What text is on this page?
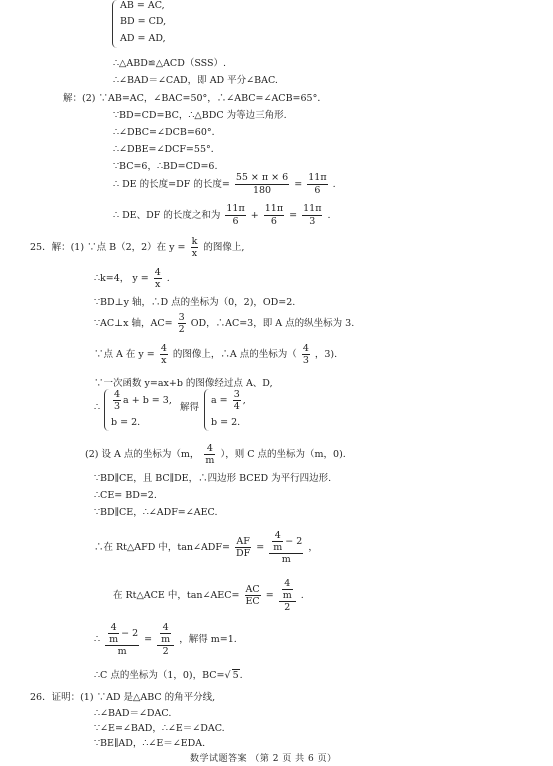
AB = AC,
BD = CD,
AD = AD,
∴△ABD≌△ACD（SSS）.
∴∠BAD＝∠CAD，即 AD 平分∠BAC.
解：(2) ∵AB=AC，∠BAC=50°，∴∠ABC=∠ACB=65°．
∵BD=CD=BC，∴△BDC 为等边三角形.
∴∠DBC=∠DCB=60°．
∴∠DBE=∠DCF=55°．
∵BC=6，∴BD=CD=6.
∴ DE 的长度=DF 的长度= $\frac{55 \times \pi \times 6}{180} = \frac{11\pi}{6}$ .
∴ DE、DF 的长度之和为 $\frac{11\pi}{6} + \frac{11\pi}{6} = \frac{11\pi}{3}$ .
25．解：(1) ∵点 B（2，2）在 $y = \frac{k}{x}$ 的图像上,
∴k=4， $y = \frac{4}{x}$ .
∵BD⊥y 轴，∴D 点的坐标为（0，2)，OD=2.
∵AC⊥x 轴，$AC= \frac{3}{2}$ OD，∴AC=3，即 A 点的纵坐标为 3.
∵点 A 在 $y = \frac{4}{x}$ 的图像上，∴A 点的坐标为（ $\frac{4}{3}$ ，3).
∵一次函数 y=ax+b 的图像经过点 A、D,
∴ $\frac{4}{3}$ a + b = 3,
b = 2.
解得
$a = \frac{3}{4}$ ,
b = 2.
(2) 设 A 点的坐标为（m， $\frac{4}{m}$ ），则 C 点的坐标为（m，0).
∵BD∥CE，且 BC∥DE，∴四边形 BCED 为平行四边形.
∴CE= BD=2.
∵BD∥CE，∴∠ADF=∠AEC.
∴在 Rt△AFD 中，tan∠ADF= $\frac{AF}{DF} = \frac{\frac{4}{m} - 2}{m}$ ，
在 Rt△ACE 中，tan∠AEC= $\frac{AC}{EC} = \frac{\frac{4}{m}}{2}$ .
∴ $\frac{\frac{4}{m} - 2}{m} = \frac{\frac{4}{m}}{2}$ ，解得 m=1.
∴C 点的坐标为（1，0)，BC=√ 5.
26．证明：(1) ∵AD 是△ABC 的角平分线,
∴∠BAD＝∠DAC.
∵∠E=∠BAD，∴∠E＝∠DAC.
∵BE∥AD，∴∠E＝∠EDA.
数学试题答案 （第 2 页 共 6 页）
